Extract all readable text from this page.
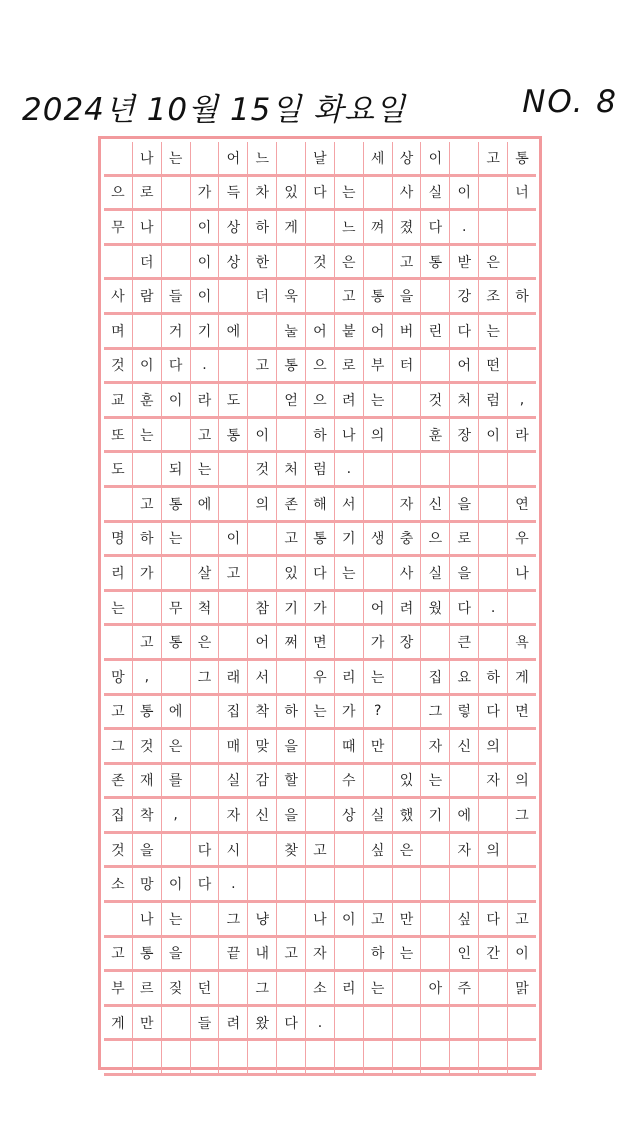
2024년 10월 15일 화요일	NO. 8
나	는	어	느	날	세	상	이	고	통
으	로	가	득	차	있	다	는	사	실	이	너
무	나	이	상	하	게	느	껴	졌	다	.
더	이	상	한	것	은	고	통	받	은
사	람	들	이	더	욱	고	통	을	강	조	하
며	거	기	에	눌	어	붙	어	버	린	다	는
것	이	다	.	고	통	으	로	부	터	어	떤
교	훈	이	라	도	얻	으	려	는	것	처	럼	,
또	는	고	통	이	하	나	의	훈	장	이	라
도	되	는	것	처	럼	.
고	통	에	의	존	해	서	자	신	을	연
명	하	는	이	고	통	기	생	충	으	로	우
리	가	살	고	있	다	는	사	실	을	나
는	무	척	참	기	가	어	려	웠	다	.
고	통	은	어	쩌	면	가	장	큰	욕
망	,	그	래	서	우	리	는	집	요	하	게
고	통	에	집	착	하	는	가	?	그	렇	다	면
그	것	은	매	맞	을	때	만	자	신	의
존	재	를	실	감	할	수	있	는	자	의
집	착	,	자	신	을	상	실	했	기	에	그
것	을	다	시	찾	고	싶	은	자	의
소	망	이	다	.
나	는	그	냥	나	이	고	만	싶	다	고
고	통	을	끝	내	고	자	하	는	인	간	이
부	르	짖	던	그	소	리	는	아	주	맑
게	만	들	려	왔	다	.
